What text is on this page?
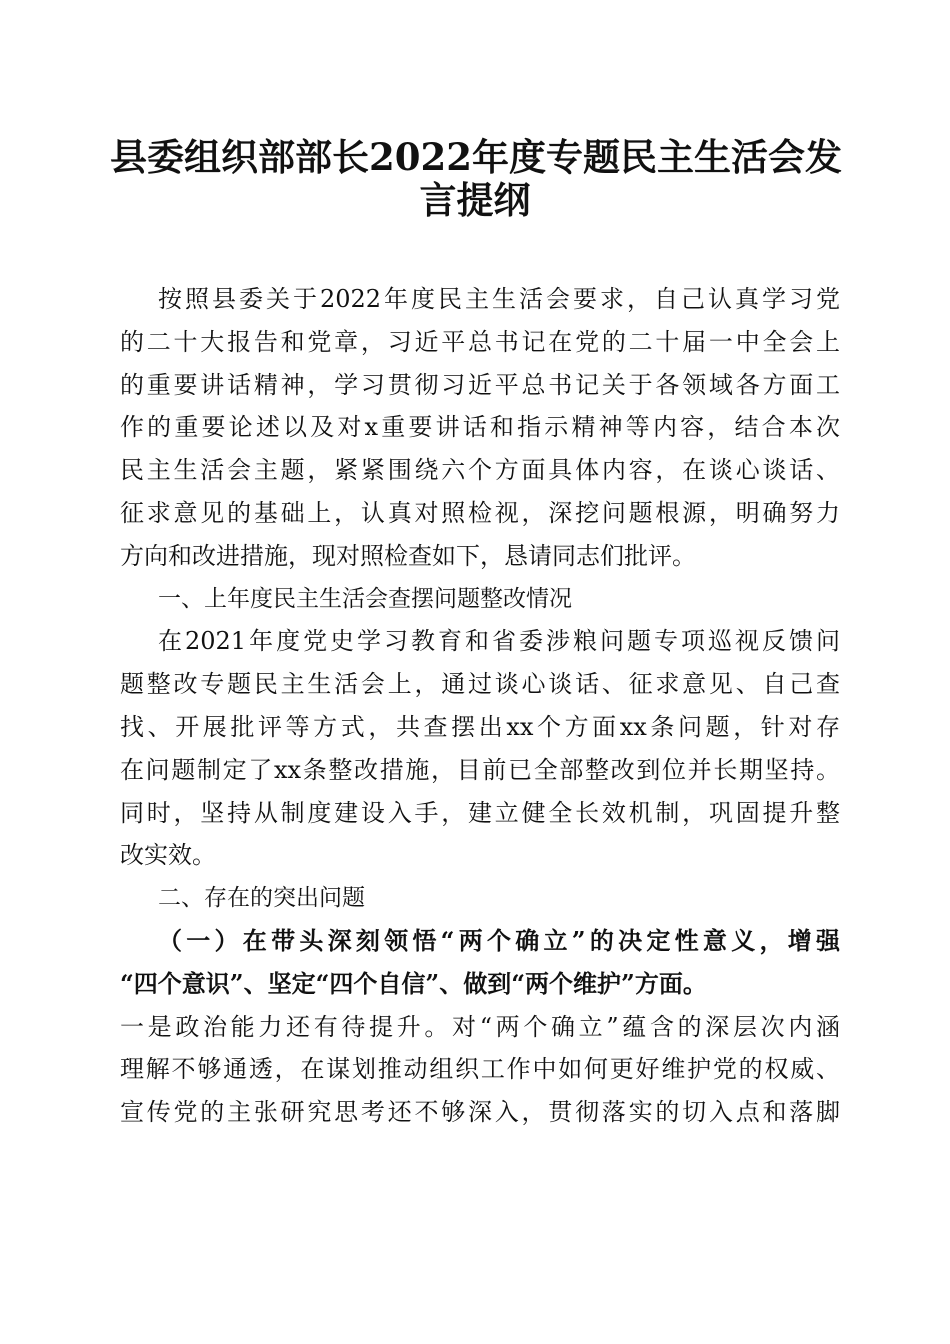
县委组织部部长2022年度专题民主生活会发
言提纲
按照县委关于2022年度民主生活会要求，自己认真学习党
的二十大报告和党章，习近平总书记在党的二十届一中全会上
的重要讲话精神，学习贯彻习近平总书记关于各领域各方面工
作的重要论述以及对x重要讲话和指示精神等内容，结合本次
民主生活会主题，紧紧围绕六个方面具体内容，在谈心谈话、
征求意见的基础上，认真对照检视，深挖问题根源，明确努力
方向和改进措施，现对照检查如下，恳请同志们批评。
一、上年度民主生活会查摆问题整改情况
在2021年度党史学习教育和省委涉粮问题专项巡视反馈问
题整改专题民主生活会上，通过谈心谈话、征求意见、自己查
找、开展批评等方式，共查摆出xx个方面xx条问题，针对存
在问题制定了xx条整改措施，目前已全部整改到位并长期坚持。
同时，坚持从制度建设入手，建立健全长效机制，巩固提升整
改实效。
二、存在的突出问题
（一）在带头深刻领悟“两个确立”的决定性意义，增强
“四个意识”、坚定“四个自信”、做到“两个维护”方面。
一是政治能力还有待提升。对“两个确立”蕴含的深层次内涵
理解不够通透，在谋划推动组织工作中如何更好维护党的权威、
宣传党的主张研究思考还不够深入，贯彻落实的切入点和落脚
